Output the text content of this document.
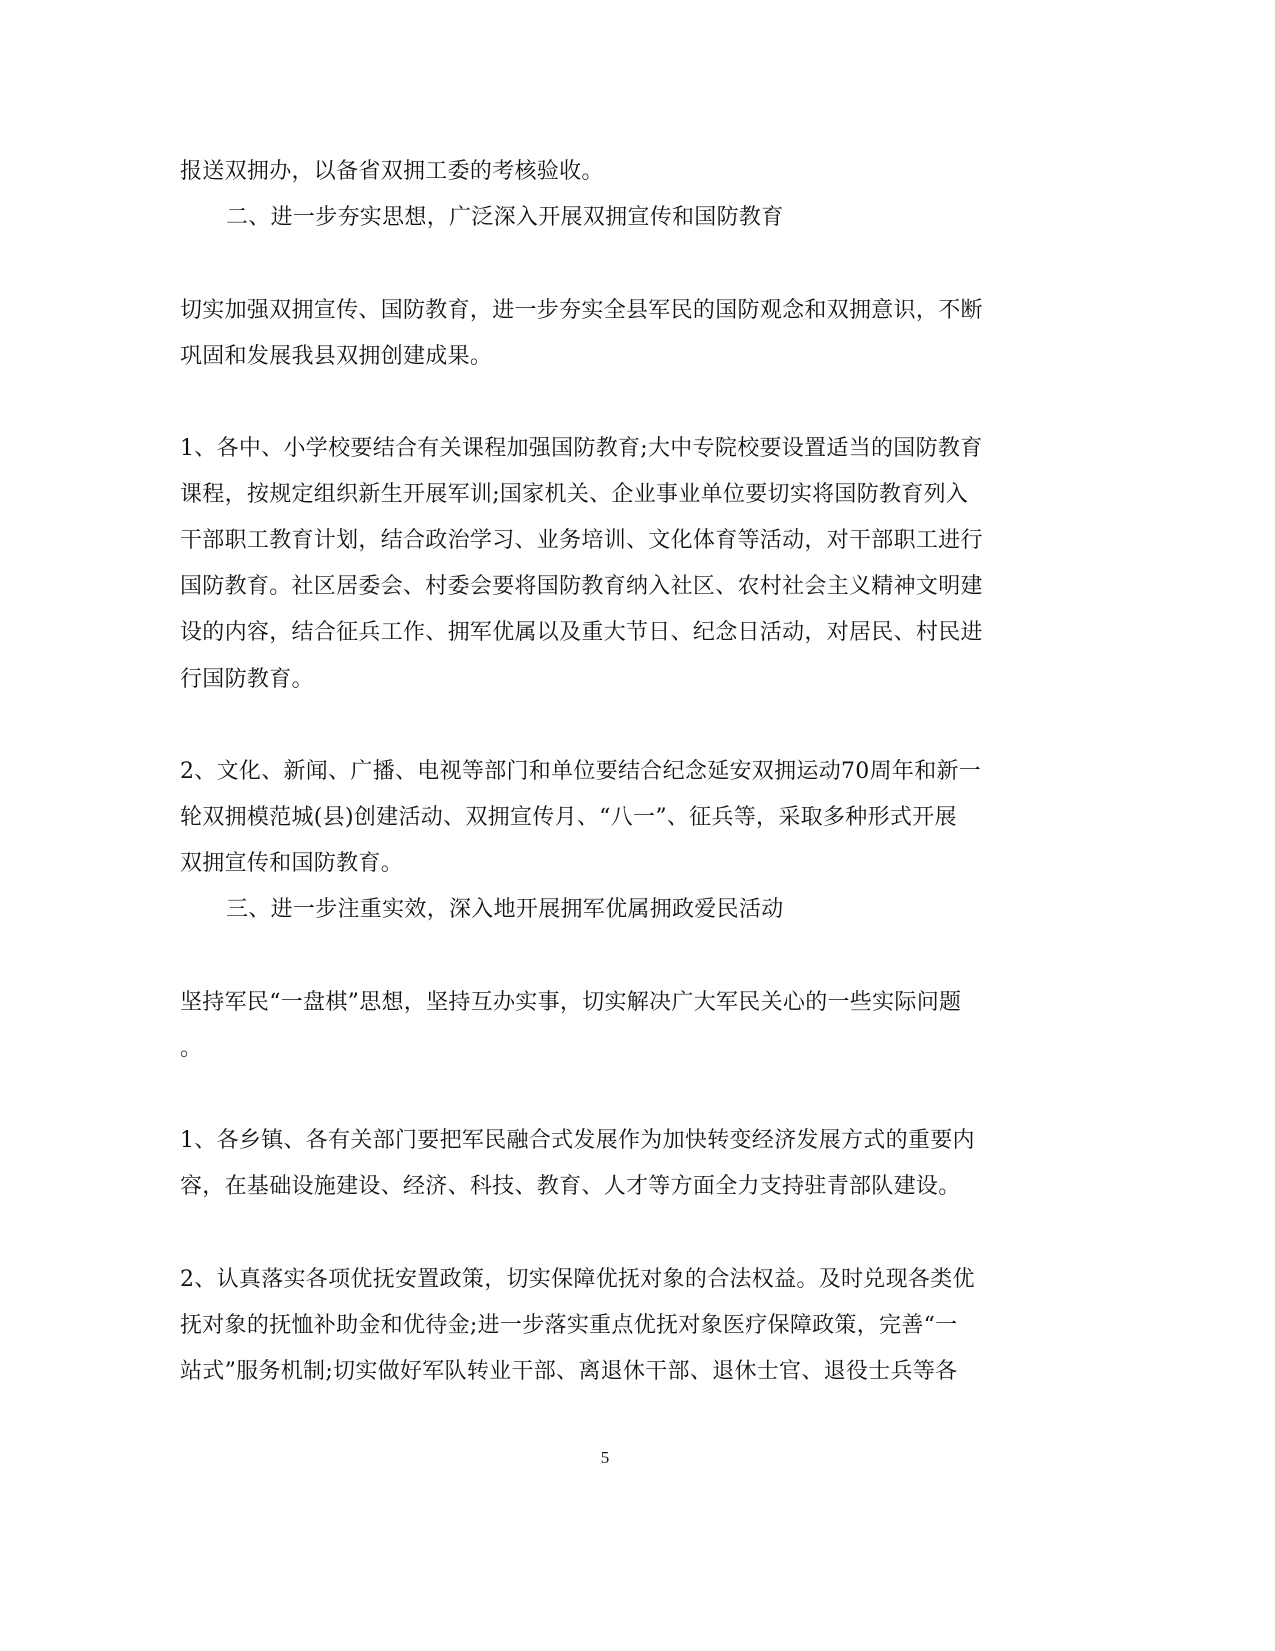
报送双拥办，以备省双拥工委的考核验收。
二、进一步夯实思想，广泛深入开展双拥宣传和国防教育
切实加强双拥宣传、国防教育，进一步夯实全县军民的国防观念和双拥意识，不断
巩固和发展我县双拥创建成果。
1、各中、小学校要结合有关课程加强国防教育;大中专院校要设置适当的国防教育
课程，按规定组织新生开展军训;国家机关、企业事业单位要切实将国防教育列入
干部职工教育计划，结合政治学习、业务培训、文化体育等活动，对干部职工进行
国防教育。社区居委会、村委会要将国防教育纳入社区、农村社会主义精神文明建
设的内容，结合征兵工作、拥军优属以及重大节日、纪念日活动，对居民、村民进
行国防教育。
2、文化、新闻、广播、电视等部门和单位要结合纪念延安双拥运动70周年和新一
轮双拥模范城(县)创建活动、双拥宣传月、“八一”、征兵等，采取多种形式开展
双拥宣传和国防教育。
三、进一步注重实效，深入地开展拥军优属拥政爱民活动
坚持军民“一盘棋”思想，坚持互办实事，切实解决广大军民关心的一些实际问题
。
1、各乡镇、各有关部门要把军民融合式发展作为加快转变经济发展方式的重要内
容，在基础设施建设、经济、科技、教育、人才等方面全力支持驻青部队建设。
2、认真落实各项优抚安置政策，切实保障优抚对象的合法权益。及时兑现各类优
抚对象的抚恤补助金和优待金;进一步落实重点优抚对象医疗保障政策，完善“一
站式”服务机制;切实做好军队转业干部、离退休干部、退休士官、退役士兵等各
5
